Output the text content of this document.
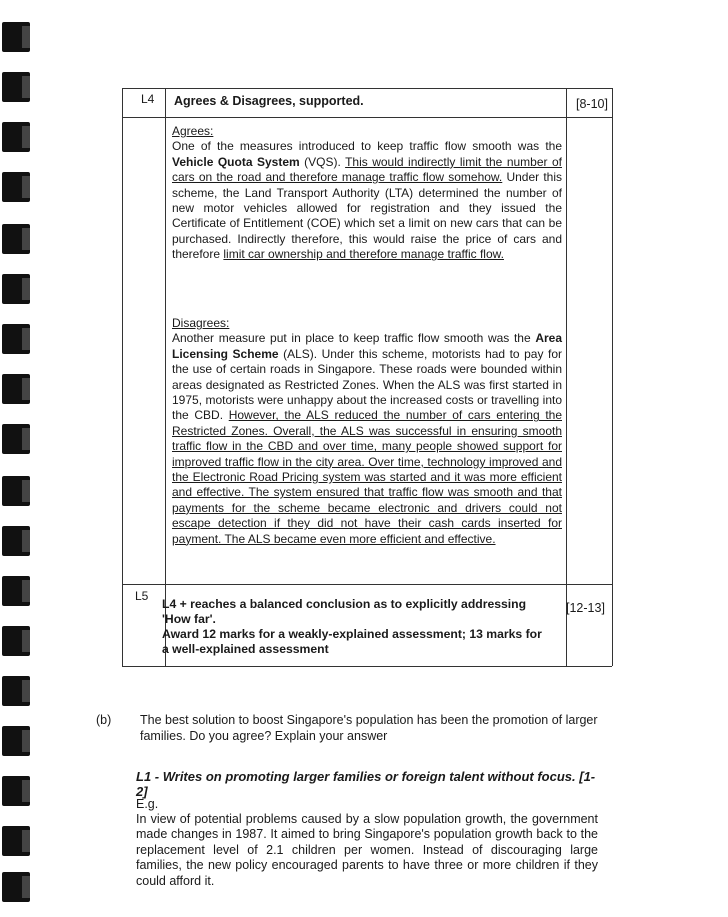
L4 Agrees & Disagrees, supported.	[8-10]

Agrees:

One of the measures introduced to keep traffic flow smooth was the Vehicle Quota System (VQS). This would indirectly limit the number of cars on the road and therefore manage traffic flow somehow. Under this scheme, the Land Transport Authority (LTA) determined the number of new motor vehicles allowed for registration and they issued the Certificate of Entitlement (COE) which set a limit on new cars that can be purchased. Indirectly therefore, this would raise the price of cars and therefore limit car ownership and therefore manage traffic flow.

Disagrees:

Another measure put in place to keep traffic flow smooth was the Area Licensing Scheme (ALS). Under this scheme, motorists had to pay for the use of certain roads in Singapore. These roads were bounded within areas designated as Restricted Zones. When the ALS was first started in 1975, motorists were unhappy about the increased costs or travelling into the CBD. However, the ALS reduced the number of cars entering the Restricted Zones. Overall, the ALS was successful in ensuring smooth traffic flow in the CBD and over time, many people showed support for improved traffic flow in the city area. Over time, technology improved and the Electronic Road Pricing system was started and it was more efficient and effective. The system ensured that traffic flow was smooth and that payments for the scheme became electronic and drivers could not escape detection if they did not have their cash cards inserted for payment. The ALS became even more efficient and effective.

L5
L4 + reaches a balanced conclusion as to explicitly addressing 'How far'.
Award 12 marks for a weakly-explained assessment; 13 marks for a well-explained assessment
[12-13]
(b) The best solution to boost Singapore's population has been the promotion of larger families. Do you agree? Explain your answer
L1 - Writes on promoting larger families or foreign talent without focus. [1-2]
E.g.
In view of potential problems caused by a slow population growth, the government made changes in 1987. It aimed to bring Singapore's population growth back to the replacement level of 2.1 children per women. Instead of discouraging large families, the new policy encouraged parents to have three or more children if they could afford it.
